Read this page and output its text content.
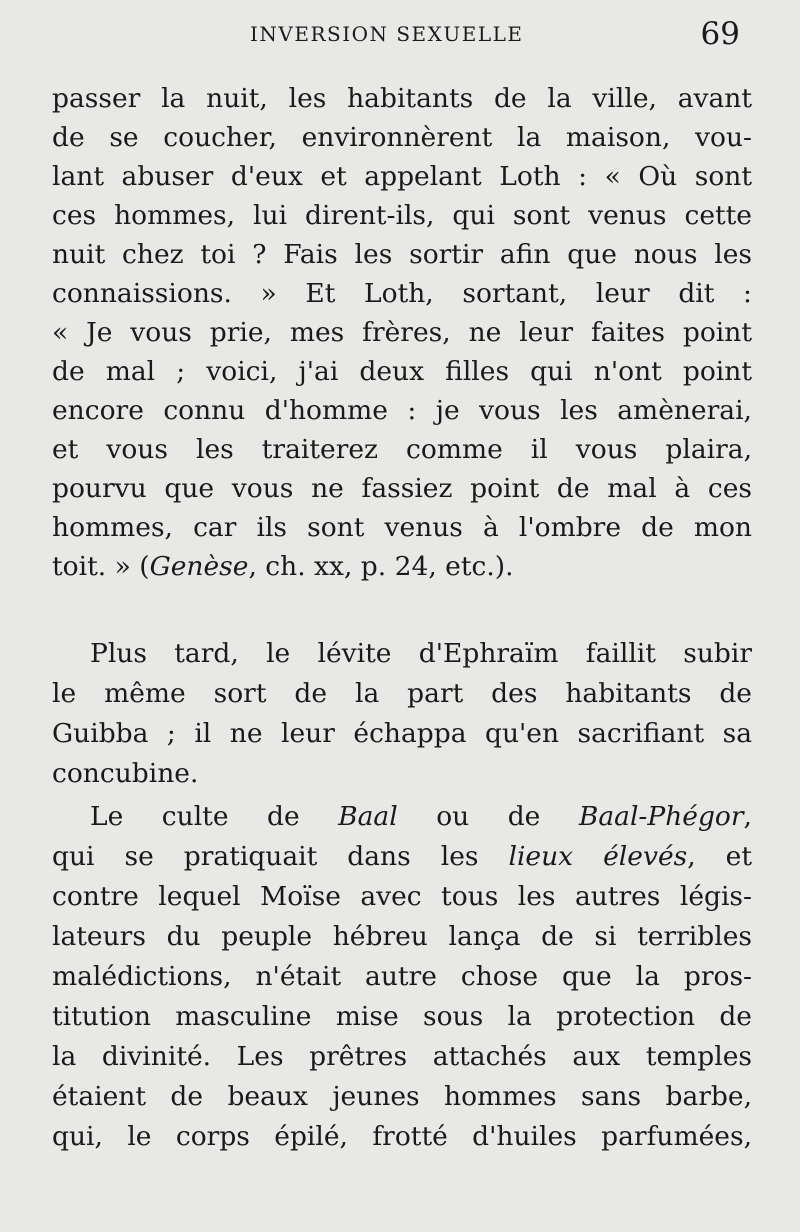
INVERSION SEXUELLE	69
passer la nuit, les habitants de la ville, avant
de se coucher, environnèrent la maison, vou-
lant abuser d'eux et appelant Loth : « Où sont
ces hommes, lui dirent-ils, qui sont venus cette
nuit chez toi ? Fais les sortir afin que nous les
connaissions. » Et Loth, sortant, leur dit :
« Je vous prie, mes frères, ne leur faites point
de mal ; voici, j'ai deux filles qui n'ont point
encore connu d'homme : je vous les amènerai,
et vous les traiterez comme il vous plaira,
pourvu que vous ne fassiez point de mal à ces
hommes, car ils sont venus à l'ombre de mon
toit. » (Genèse, ch. xx, p. 24, etc.).
Plus tard, le lévite d'Ephraïm faillit subir
le même sort de la part des habitants de
Guibba ; il ne leur échappa qu'en sacrifiant sa
concubine.
Le culte de Baal ou de Baal-Phégor,
qui se pratiquait dans les lieux élevés, et
contre lequel Moïse avec tous les autres légis-
lateurs du peuple hébreu lança de si terribles
malédictions, n'était autre chose que la pros-
titution masculine mise sous la protection de
la divinité. Les prêtres attachés aux temples
étaient de beaux jeunes hommes sans barbe,
qui, le corps épilé, frotté d'huiles parfumées,
